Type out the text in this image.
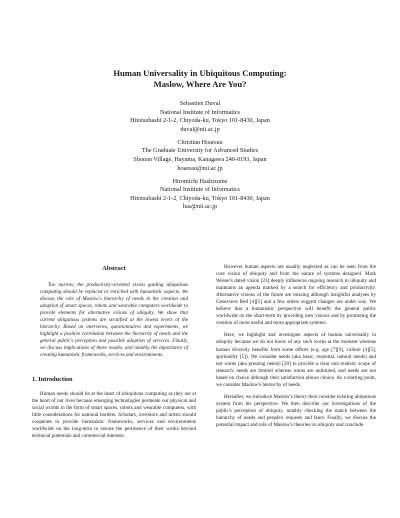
Human Universality in Ubiquitous Computing:
Maslow, Where Are You?
Sebastien Duval
National Institute of Informatics
Hitotsubashi 2-1-2, Chiyoda-ku, Tokyo 101-8430, Japan
duval@nii.ac.jp
Christian Hoareau
The Graduate University for Advanced Studies
Shonan Village, Hayama, Kanagawa 240-0193, Japan
hoareau@nii.ac.jp
Hiromichi Hashizume
National Institute of Informatics
Hitotsubashi 2-1-2, Chiyoda-ku, Tokyo 101-8430, Japan
has@nii.ac.jp
Abstract
Too narrow, the productivity-oriented vision guiding ubiquitous computing should be replaced or enriched with humanistic aspects. We discuss the role of Maslow's hierarchy of needs in the creation and adoption of smart spaces, robots and wearable computers worldwide to provide elements for alternative visions of ubiquity. We show that current ubiquitous systems are stratified at the lowest levels of the hierarchy. Based on interviews, questionnaires and experiments, we highlight a positive correlation between the hierarchy of needs and the general public's perception and possible adoption of services. Finally, we discuss implications of these results, and notably the importance of creating humanistic frameworks, services and environments.
1. Introduction
Human needs should be at the heart of ubiquitous computing as they are at the heart of our lives because emerging technologies permeate our physical and social worlds in the form of smart spaces, robots and wearable computers, with little considerations for national borders. Scholars, inventors and artists should cooperate to provide humanistic frameworks, services and environments worldwide on the long-term to ensure the pertinence of their works beyond technical potentials and commercial interests.
However human aspects are usually neglected as can be seen from the core vision of ubiquity and from the nature of systems designed. Mark Weiser's dated vision [23] deeply influences ongoing research in ubiquity and maintains an agenda marked by a search for efficiency and productivity. Alternative visions of the future are missing although insightful analyses by Genevieve Bell [4][5] and a few others suggest changes are under way. We believe that a humanistic perspective will benefit the general public worldwide on the short-term by providing new visions and by promoting the creation of more useful and more appropriate systems.
Here, we highlight and investigate aspects of human universality in ubiquity because we do not know of any such works at the moment whereas human diversity benefits from some efforts (e.g. age [7][9], culture [4][5], spirituality [5]). We consider needs (aka basic, essential, natural needs) and not wants (aka pressing needs) [20] to provide a clear and realistic scope of research: needs are limited whereas wants are unlimited, and needs are not based on choice although their satisfaction allows choice. As a starting point, we consider Maslow's hierarchy of needs.
Hereafter, we introduce Maslow's theory then consider existing ubiquitous system from his perspective. We then describe our investigations of the public's perception of ubiquity, notably checking the match between the hierarchy of needs and people's requests and fears. Finally, we discuss the potential impact and role of Maslow's theories on ubiquity and conclude.
